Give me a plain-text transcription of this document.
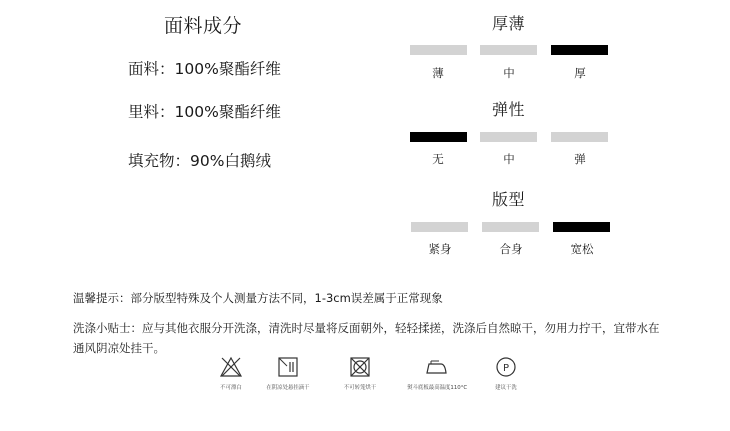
面料成分
面料：100%聚酯纤维
里料：100%聚酯纤维
填充物：90%白鹅绒
厚薄
薄	中	厚
弹性
无	中	弹
版型
紧身	合身	宽松
温馨提示：部分版型特殊及个人测量方法不同，1-3cm误差属于正常现象
洗涤小贴士：应与其他衣服分开洗涤，清洗时尽量将反面朝外，轻轻揉搓，洗涤后自然晾干，勿用力拧干，宜带水在
通风阴凉处挂干。
不可漂白	在阴凉处悬挂滴干	不可转笼烘干	熨斗底板最高温度110°C
P
建议干洗
